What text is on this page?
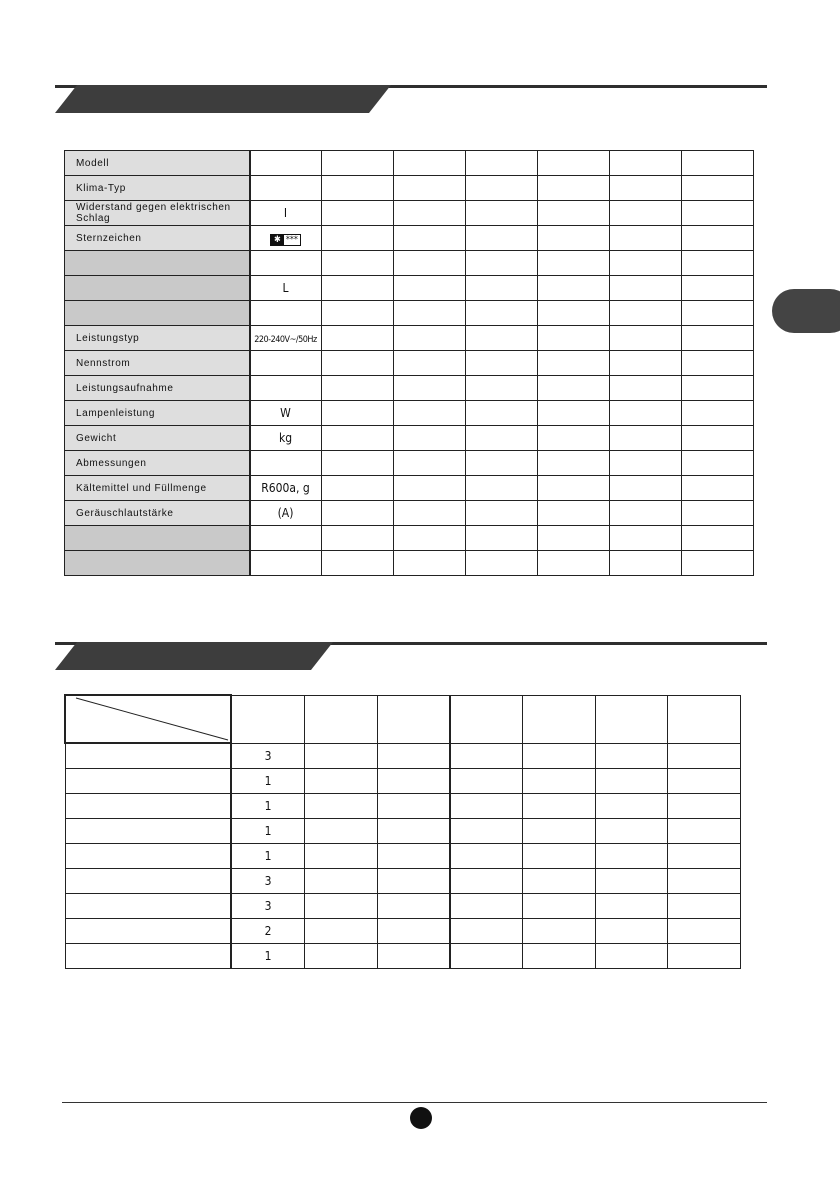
Modell							
Klima-Typ							
Widerstand gegen elektrischen Schlag	I						
Sternzeichen	✱ ***						

	L						

Leistungstyp	220-240V~/50Hz						
Nennstrom							
Leistungsaufnahme							
Lampenleistung	W						
Gewicht	kg						
Abmessungen							
Kältemittel und Füllmenge	R600a, g						
Geräuschlautstärke	(A)						

	3						
	1						
	1						
	1						
	1						
	3						
	3						
	2						
	1						
